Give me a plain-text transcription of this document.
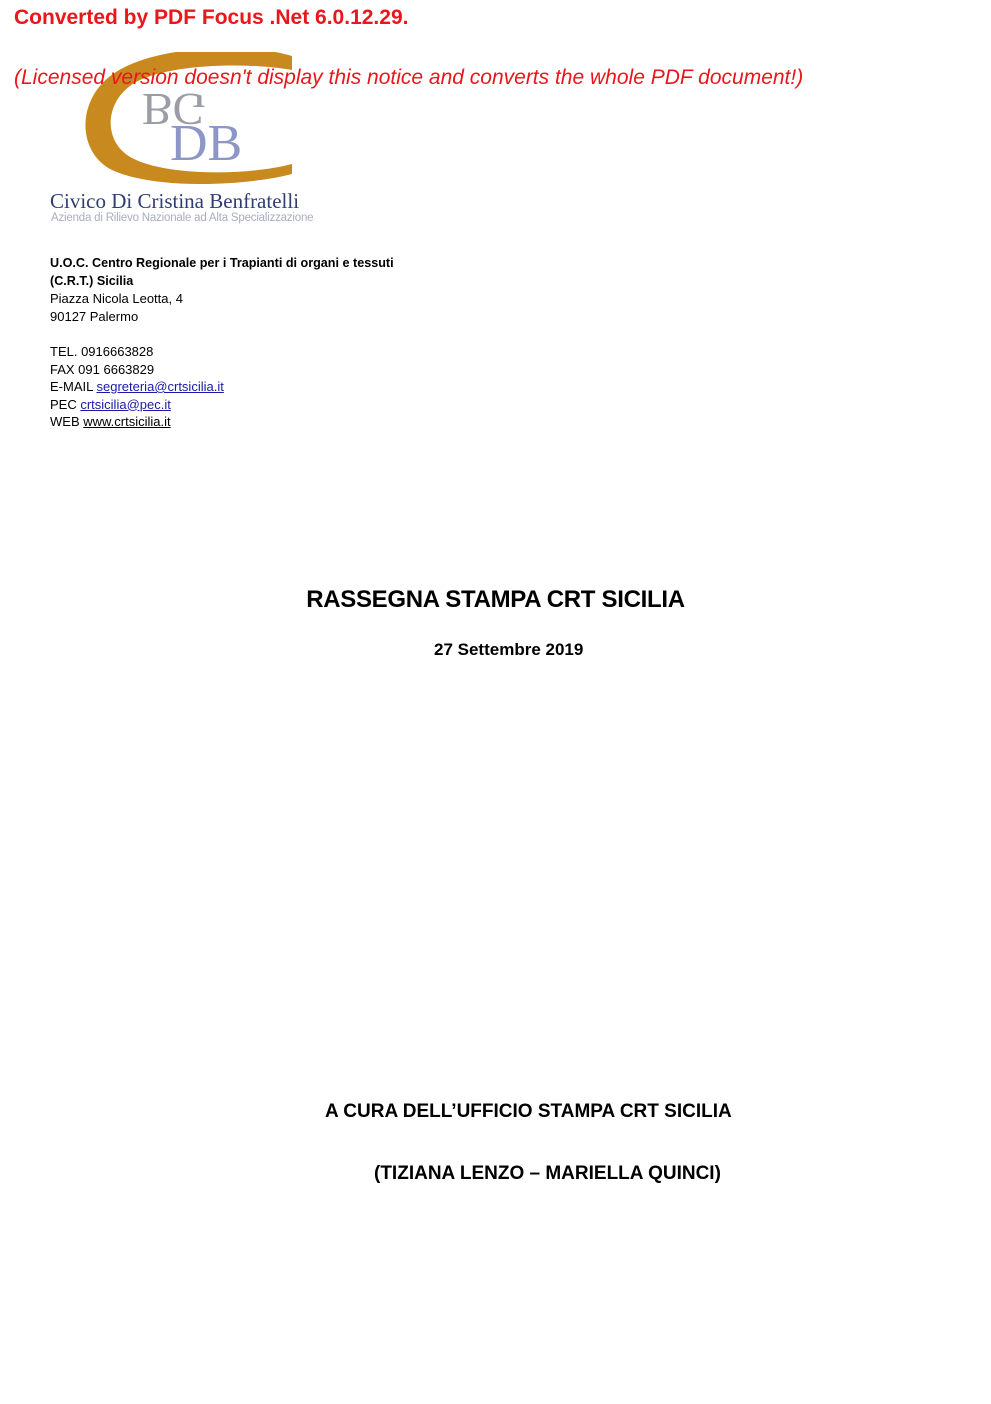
Converted by PDF Focus .Net 6.0.12.29.
(Licensed version doesn't display this notice and converts the whole PDF document!)
BG
DB
Civico Di Cristina Benfratelli
Azienda di Rilievo Nazionale ad Alta Specializzazione
U.O.C. Centro Regionale per i Trapianti di organi e tessuti
(C.R.T.) Sicilia
Piazza Nicola Leotta, 4
90127 Palermo
TEL. 0916663828
FAX 091 6663829
E-MAIL segreteria@crtsicilia.it
PEC crtsicilia@pec.it
WEB www.crtsicilia.it
RASSEGNA STAMPA CRT SICILIA
27 Settembre 2019
A CURA DELL’UFFICIO STAMPA CRT SICILIA
(TIZIANA LENZO – MARIELLA QUINCI)
